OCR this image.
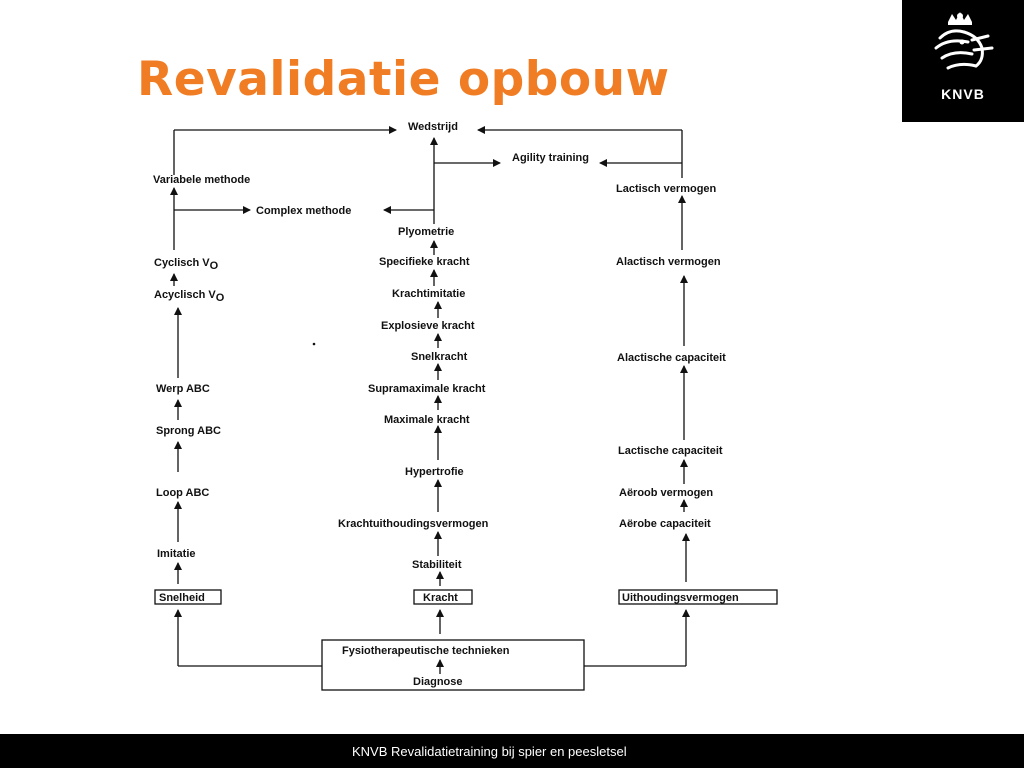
Revalidatie opbouw	KNVB
Wedstrijd
Agility training
Complex methode
Variabele methode
Cyclisch VO
Acyclisch VO
Werp ABC
Sprong ABC
Loop ABC
Imitatie
Snelheid
Plyometrie
Specifieke kracht
Krachtimitatie
Explosieve kracht
Snelkracht
Supramaximale kracht
Maximale kracht
Hypertrofie
Krachtuithoudingsvermogen
Stabiliteit
Kracht
Lactisch vermogen
Alactisch vermogen
Alactische capaciteit
Lactische capaciteit
Aëroob vermogen
Aërobe capaciteit
Uithoudingsvermogen
Fysiotherapeutische technieken
Diagnose
KNVB Revalidatietraining bij spier en peesletsel
